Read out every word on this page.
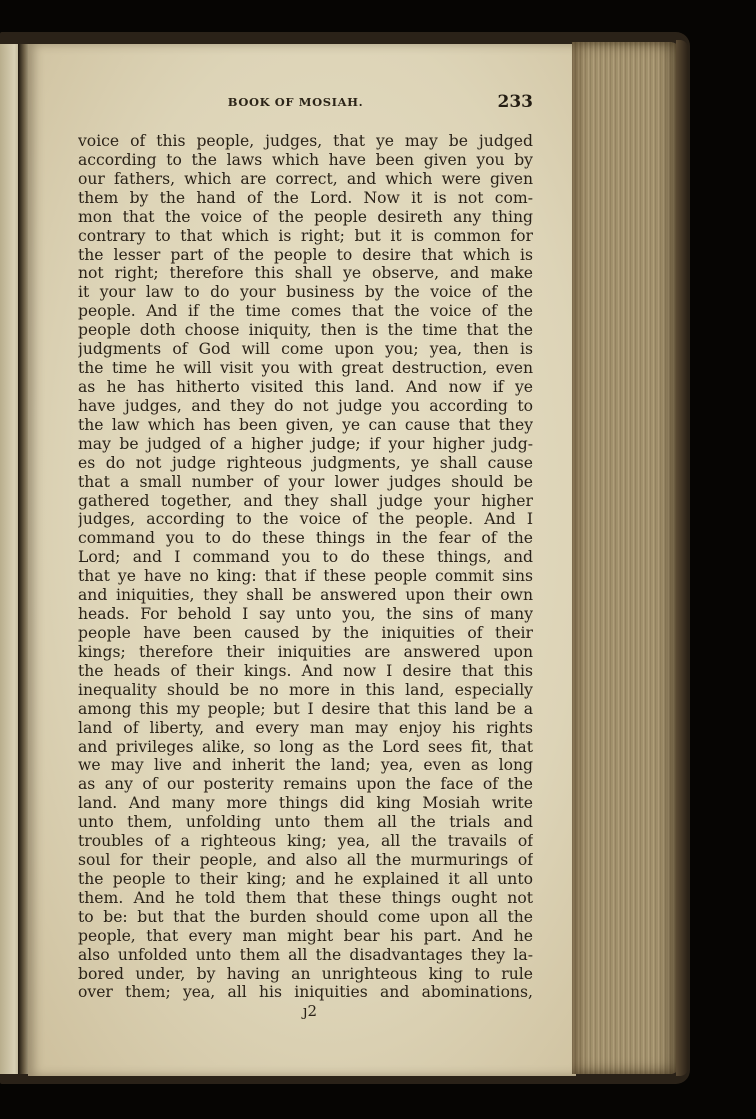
BOOK OF MOSIAH.	233
voice of this people, judges, that ye may be judged
according to the laws which have been given you by
our fathers, which are correct, and which were given
them by the hand of the Lord. Now it is not com-
mon that the voice of the people desireth any thing
contrary to that which is right; but it is common for
the lesser part of the people to desire that which is
not right; therefore this shall ye observe, and make
it your law to do your business by the voice of the
people. And if the time comes that the voice of the
people doth choose iniquity, then is the time that the
judgments of God will come upon you; yea, then is
the time he will visit you with great destruction, even
as he has hitherto visited this land. And now if ye
have judges, and they do not judge you according to
the law which has been given, ye can cause that they
may be judged of a higher judge; if your higher judg-
es do not judge righteous judgments, ye shall cause
that a small number of your lower judges should be
gathered together, and they shall judge your higher
judges, according to the voice of the people. And I
command you to do these things in the fear of the
Lord; and I command you to do these things, and
that ye have no king: that if these people commit sins
and iniquities, they shall be answered upon their own
heads. For behold I say unto you, the sins of many
people have been caused by the iniquities of their
kings; therefore their iniquities are answered upon
the heads of their kings. And now I desire that this
inequality should be no more in this land, especially
among this my people; but I desire that this land be a
land of liberty, and every man may enjoy his rights
and privileges alike, so long as the Lord sees fit, that
we may live and inherit the land; yea, even as long
as any of our posterity remains upon the face of the
land. And many more things did king Mosiah write
unto them, unfolding unto them all the trials and
troubles of a righteous king; yea, all the travails of
soul for their people, and also all the murmurings of
the people to their king; and he explained it all unto
them. And he told them that these things ought not
to be: but that the burden should come upon all the
people, that every man might bear his part. And he
also unfolded unto them all the disadvantages they la-
bored under, by having an unrighteous king to rule
over them; yea, all his iniquities and abominations,
ȷ2
